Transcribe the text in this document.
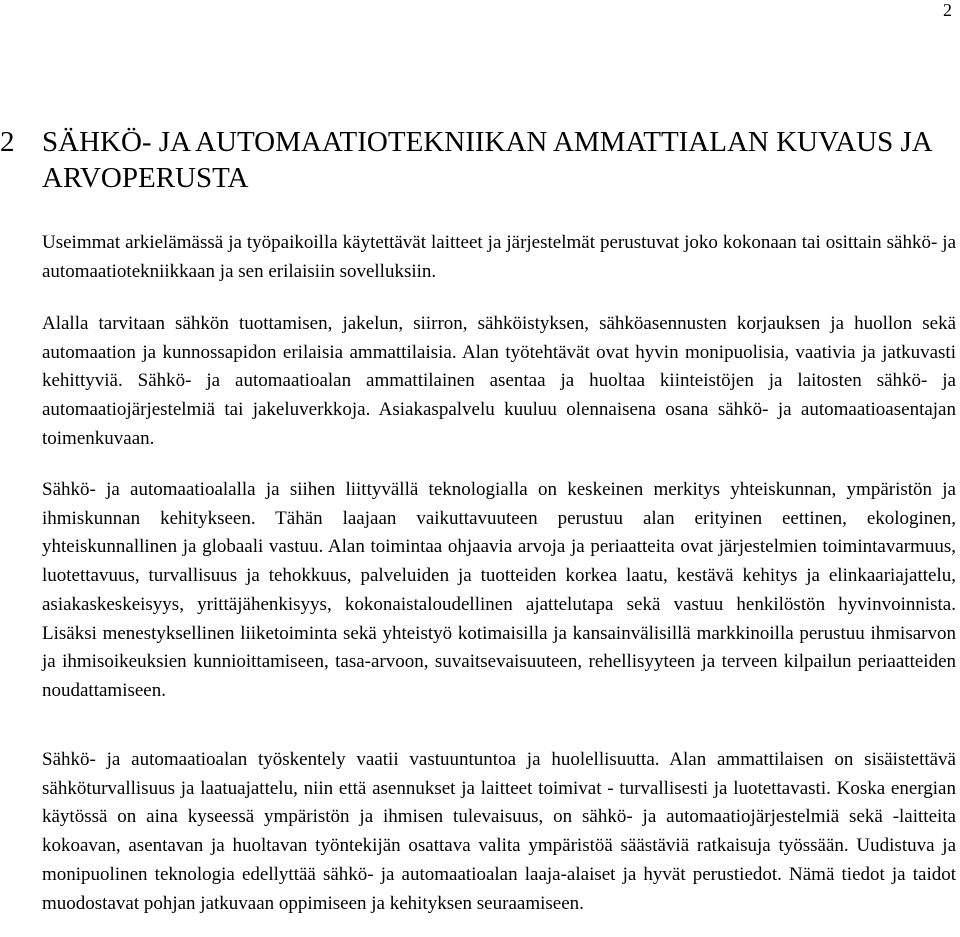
2
2 SÄHKÖ- JA AUTOMAATIOTEKNIIKAN AMMATTIALAN KUVAUS JA ARVOPERUSTA

Useimmat arkielämässä ja työpaikoilla käytettävät laitteet ja järjestelmät perustuvat joko kokonaan tai osittain sähkö- ja automaatiotekniikkaan ja sen erilaisiin sovelluksiin.

Alalla tarvitaan sähkön tuottamisen, jakelun, siirron, sähköistyksen, sähköasennusten korjauksen ja huollon sekä automaation ja kunnossapidon erilaisia ammattilaisia. Alan työtehtävät ovat hyvin monipuolisia, vaativia ja jatkuvasti kehittyviä. Sähkö- ja automaatioalan ammattilainen asentaa ja huoltaa kiinteistöjen ja laitosten sähkö- ja automaatiojärjestelmiä tai jakeluverkkoja. Asiakaspalvelu kuuluu olennaisena osana sähkö- ja automaatioasentajan toimenkuvaan.

Sähkö- ja automaatioalalla ja siihen liittyvällä teknologialla on keskeinen merkitys yhteiskunnan, ympäristön ja ihmiskunnan kehitykseen. Tähän laajaan vaikuttavuuteen perustuu alan erityinen eettinen, ekologinen, yhteiskunnallinen ja globaali vastuu. Alan toimintaa ohjaavia arvoja ja periaatteita ovat järjestelmien toimintavarmuus, luotettavuus, turvallisuus ja tehokkuus, palveluiden ja tuotteiden korkea laatu, kestävä kehitys ja elinkaariajattelu, asiakaskeskeisyys, yrittäjähenkisyys, kokonaistaloudellinen ajattelutapa sekä vastuu henkilöstön hyvinvoinnista. Lisäksi menestyksellinen liiketoiminta sekä yhteistyö kotimaisilla ja kansainvälisillä markkinoilla perustuu ihmisarvon ja ihmisoikeuksien kunnioittamiseen, tasa-arvoon, suvaitsevaisuuteen, rehellisyyteen ja terveen kilpailun periaatteiden noudattamiseen.

Sähkö- ja automaatioalan työskentely vaatii vastuuntuntoa ja huolellisuutta. Alan ammattilaisen on sisäistettävä sähköturvallisuus ja laatuajattelu, niin että asennukset ja laitteet toimivat - turvallisesti ja luotettavasti. Koska energian käytössä on aina kyseessä ympäristön ja ihmisen tulevaisuus, on sähkö- ja automaatiojärjestelmiä sekä -laitteita kokoavan, asentavan ja huoltavan työntekijän osattava valita ympäristöä säästäviä ratkaisuja työssään. Uudistuva ja monipuolinen teknologia edellyttää sähkö- ja automaatioalan laaja-alaiset ja hyvät perustiedot. Nämä tiedot ja taidot muodostavat pohjan jatkuvaan oppimiseen ja kehityksen seuraamiseen.
